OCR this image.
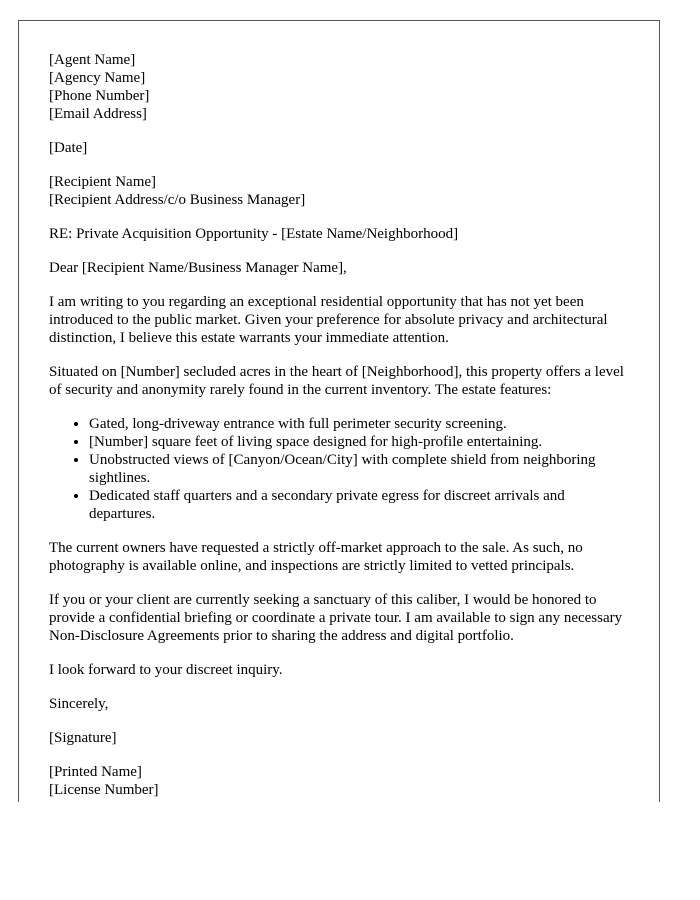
[Agent Name]
[Agency Name]
[Phone Number]
[Email Address]
[Date]
[Recipient Name]
[Recipient Address/c/o Business Manager]

RE: Private Acquisition Opportunity - [Estate Name/Neighborhood]

Dear [Recipient Name/Business Manager Name],

I am writing to you regarding an exceptional residential opportunity that has not yet been introduced to the public market. Given your preference for absolute privacy and architectural distinction, I believe this estate warrants your immediate attention.

Situated on [Number] secluded acres in the heart of [Neighborhood], this property offers a level of security and anonymity rarely found in the current inventory. The estate features:

• Gated, long-driveway entrance with full perimeter security screening.
• [Number] square feet of living space designed for high-profile entertaining.
• Unobstructed views of [Canyon/Ocean/City] with complete shield from neighboring sightlines.
• Dedicated staff quarters and a secondary private egress for discreet arrivals and departures.

The current owners have requested a strictly off-market approach to the sale. As such, no photography is available online, and inspections are strictly limited to vetted principals.

If you or your client are currently seeking a sanctuary of this caliber, I would be honored to provide a confidential briefing or coordinate a private tour. I am available to sign any necessary Non-Disclosure Agreements prior to sharing the address and digital portfolio.

I look forward to your discreet inquiry.

Sincerely,

[Signature]

[Printed Name]
[License Number]
